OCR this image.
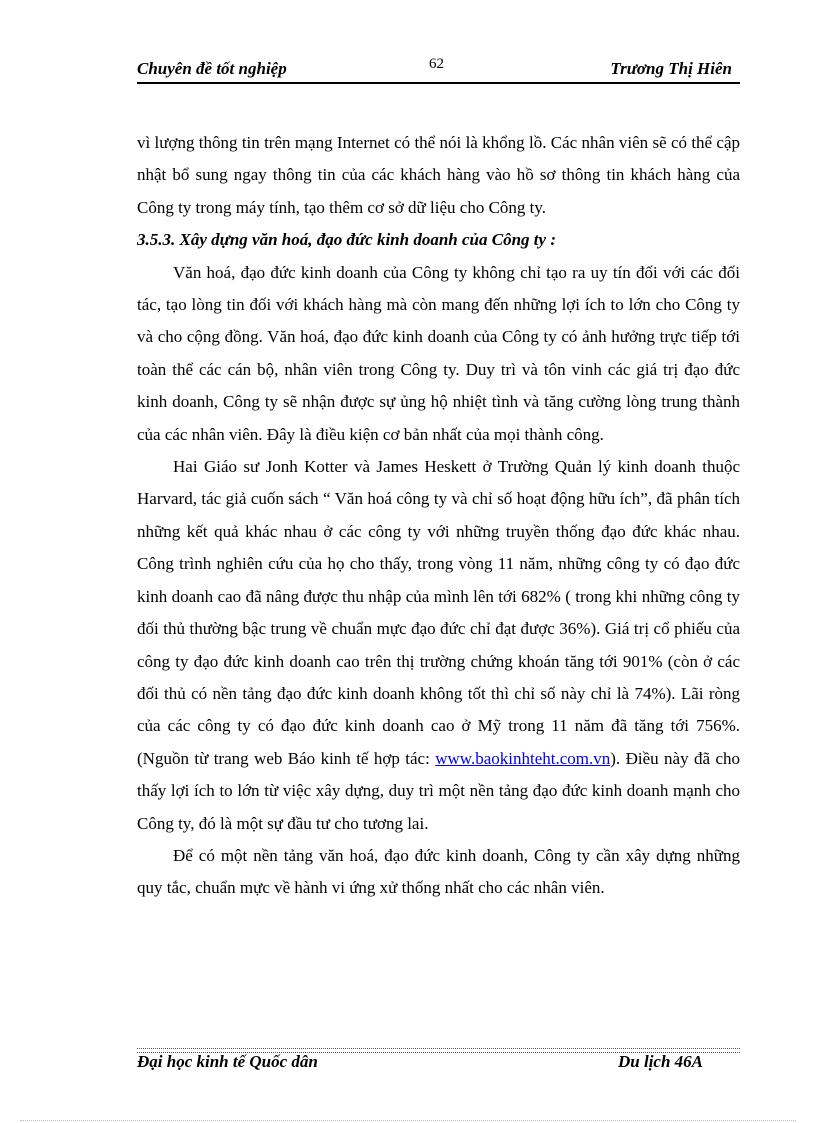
Chuyên đề tốt nghiệp	62	Trương Thị Hiên

vì lượng thông tin trên mạng Internet có thể nói là khổng lồ. Các nhân viên sẽ có thể cập nhật bổ sung ngay thông tin của các khách hàng vào hồ sơ thông tin khách hàng của Công ty trong máy tính, tạo thêm cơ sở dữ liệu cho Công ty.

3.5.3. Xây dựng văn hoá, đạo đức kinh doanh của Công ty :

Văn hoá, đạo đức kinh doanh của Công ty không chỉ tạo ra uy tín đối với các đối tác, tạo lòng tin đối với khách hàng mà còn mang đến những lợi ích to lớn cho Công ty và cho cộng đồng. Văn hoá, đạo đức kinh doanh của Công ty có ảnh hưởng trực tiếp tới toàn thể các cán bộ, nhân viên trong Công ty. Duy trì và tôn vinh các giá trị đạo đức kinh doanh, Công ty sẽ nhận được sự ủng hộ nhiệt tình và tăng cường lòng trung thành của các nhân viên. Đây là điều kiện cơ bản nhất của mọi thành công.

Hai Giáo sư Jonh Kotter và James Heskett ở Trường Quản lý kinh doanh thuộc Harvard, tác giả cuốn sách “ Văn hoá công ty và chỉ số hoạt động hữu ích”, đã phân tích những kết quả khác nhau ở các công ty với những truyền thống đạo đức khác nhau. Công trình nghiên cứu của họ cho thấy, trong vòng 11 năm, những công ty có đạo đức kinh doanh cao đã nâng được thu nhập của mình lên tới 682% ( trong khi những công ty đối thủ thường bậc trung về chuẩn mực đạo đức chỉ đạt được 36%). Giá trị cổ phiếu của công ty đạo đức kinh doanh cao trên thị trường chứng khoán tăng tới 901% (còn ở các đối thủ có nền tảng đạo đức kinh doanh không tốt thì chỉ số này chỉ là 74%). Lãi ròng của các công ty có đạo đức kinh doanh cao ở Mỹ trong 11 năm đã tăng tới 756%. (Nguồn từ trang web Báo kinh tế hợp tác: www.baokinhteht.com.vn). Điều này đã cho thấy lợi ích to lớn từ việc xây dựng, duy trì một nền tảng đạo đức kinh doanh mạnh cho Công ty, đó là một sự đầu tư cho tương lai.

Để có một nền tảng văn hoá, đạo đức kinh doanh, Công ty cần xây dựng những quy tắc, chuẩn mực về hành vi ứng xử thống nhất cho các nhân viên.

Đại học kinh tế Quốc dân	Du lịch 46A
